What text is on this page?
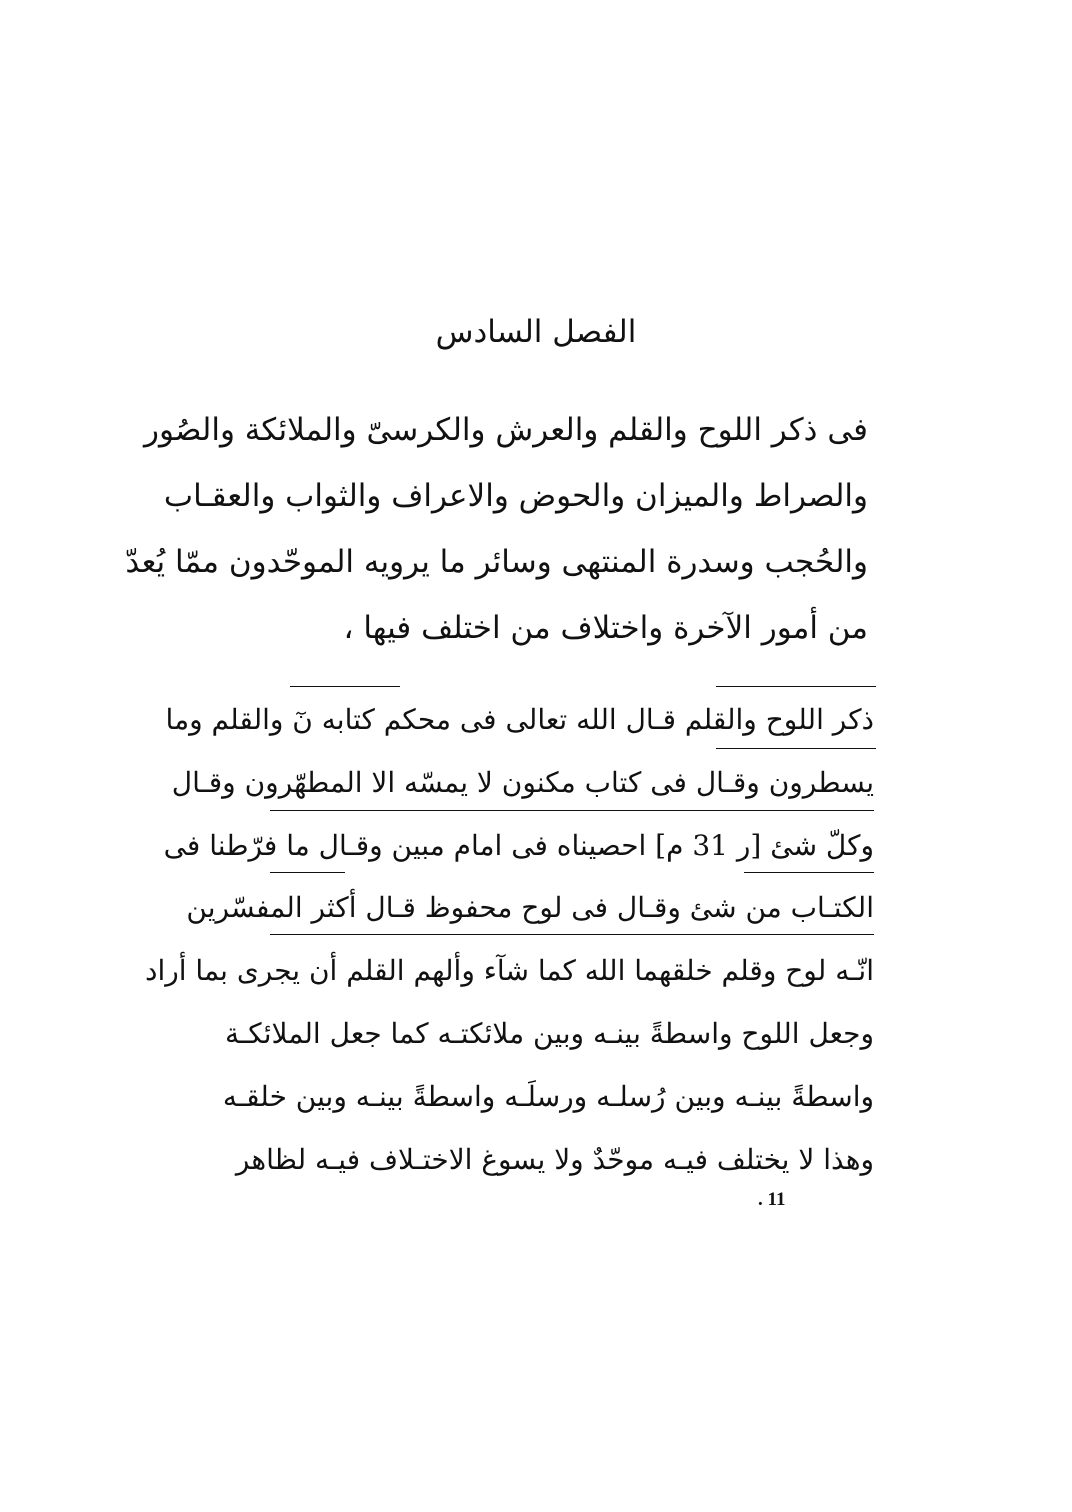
الفصل السادس
فى ذكر اللوح والقلم والعرش والكرسىّ والملائكة والصُور
والصراط والميزان والحوض والاعراف والثواب والعقـاب
والحُجب وسدرة المنتهى وسائر ما يرويه الموحّدون ممّا يُعدّ
من أمور الآخرة واختلاف من اختلف فيها ،
ذكر اللوح والقلم قـال الله تعالى فى محكم كتابه نٓ والقلم وما
يسطرون وقـال فى كتاب مكنون لا يمسّه الا المطهّرون وقـال
وكلّ شئ [ر 31 م] احصيناه فى امام مبين وقـال ما فرّطنا فى
الكتـاب من شئ وقـال فى لوح محفوظ قـال أكثر المفسّرين
انّـه لوح وقلم خلقهما الله كما شآء وألهم القلم أن يجرى بما أراد
وجعل اللوح واسطةً بينـه وبين ملائكتـه كما جعل الملائكـة
واسطةً بينـه وبين رُسلـه ورسلَـه واسطةً بينـه وبين خلقـه
وهذا لا يختلف فيـه موحّدٌ ولا يسوغ الاختـلاف فيـه لظاهر
. 11
